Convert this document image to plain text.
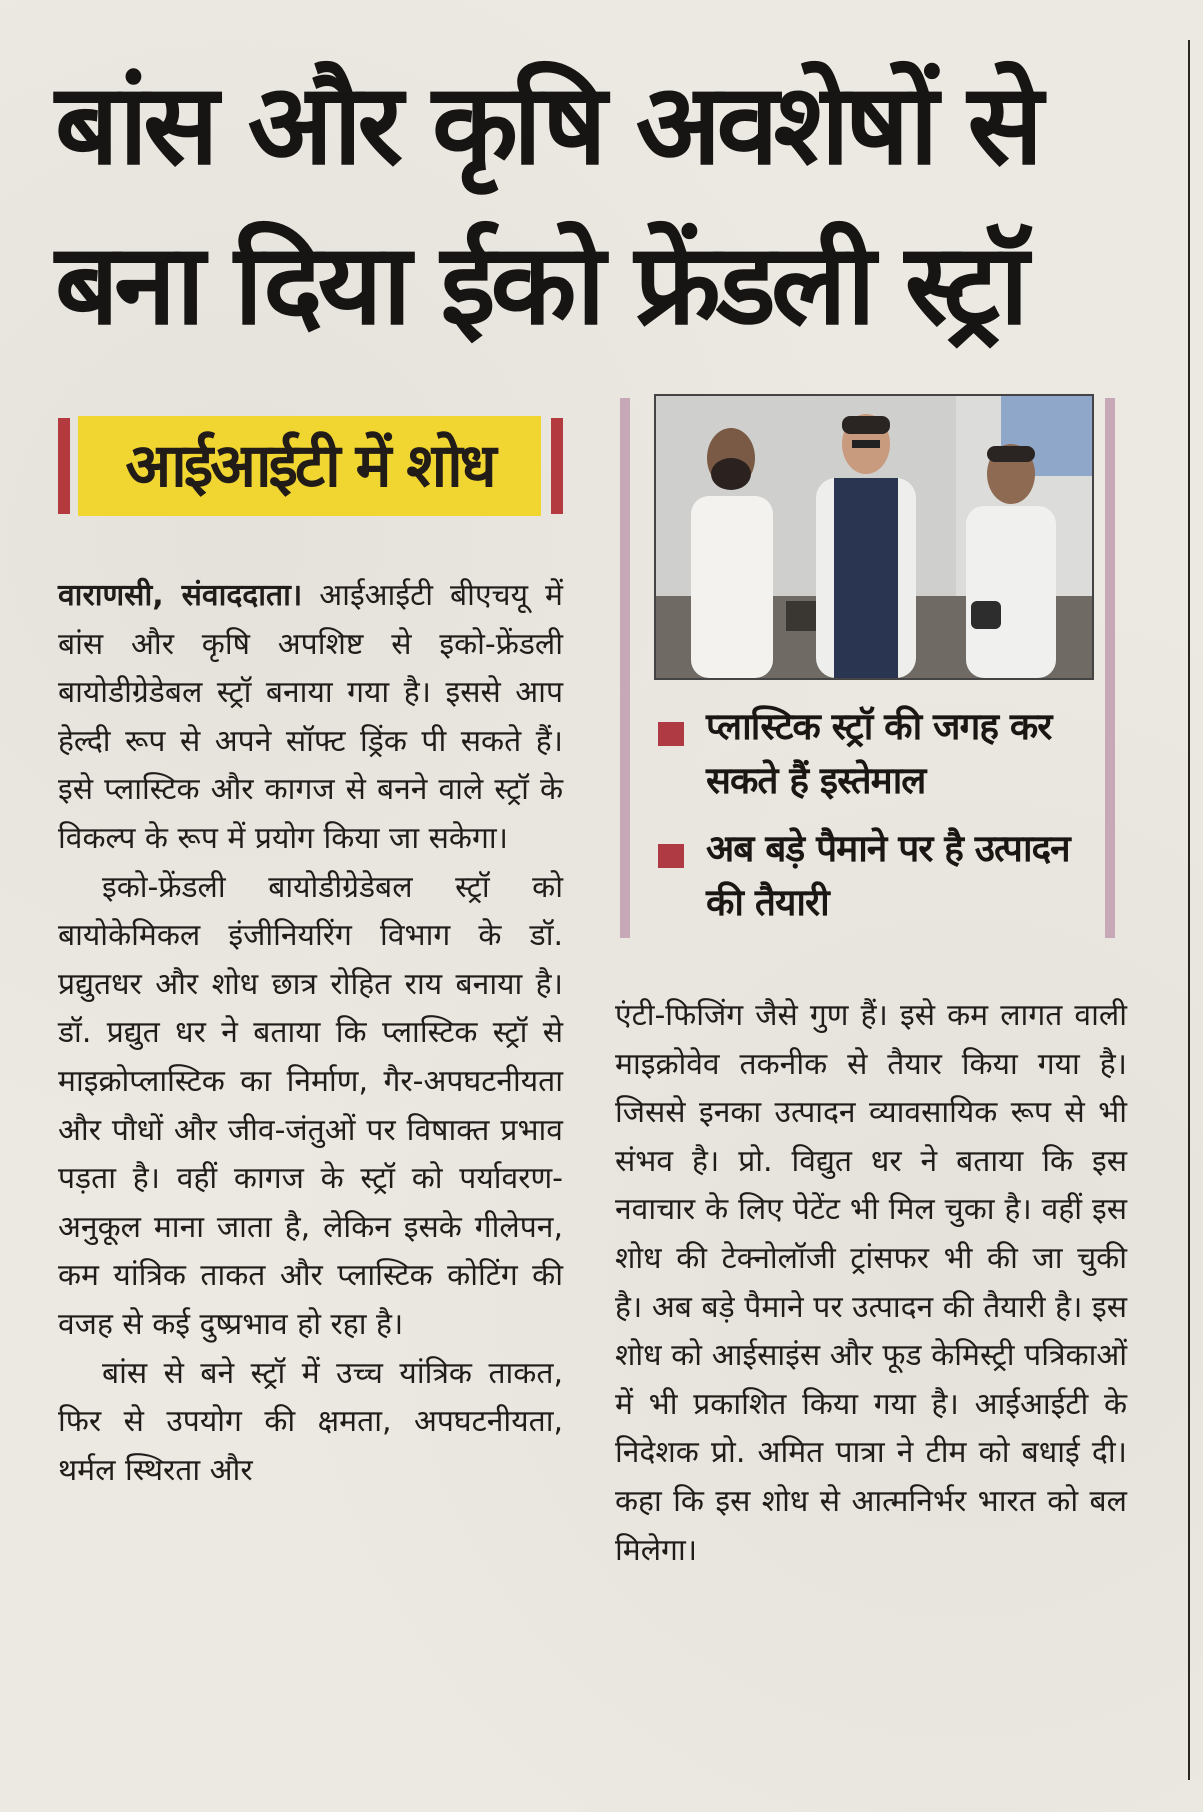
बांस और कृषि अवशेषों से
बना दिया ईको फ्रेंडली स्ट्रॉ
आईआईटी में शोध
प्लास्टिक स्ट्रॉ की जगह कर सकते हैं इस्तेमाल
अब बड़े पैमाने पर है उत्पादन की तैयारी

वाराणसी, संवाददाता। आईआईटी बीएचयू में बांस और कृषि अपशिष्ट से इको-फ्रेंडली बायोडीग्रेडेबल स्ट्रॉ बनाया गया है। इससे आप हेल्दी रूप से अपने सॉफ्ट ड्रिंक पी सकते हैं। इसे प्लास्टिक और कागज से बनने वाले स्ट्रॉ के विकल्प के रूप में प्रयोग किया जा सकेगा।

इको-फ्रेंडली बायोडीग्रेडेबल स्ट्रॉ को बायोकेमिकल इंजीनियरिंग विभाग के डॉ. प्रद्युतधर और शोध छात्र रोहित राय बनाया है। डॉ. प्रद्युत धर ने बताया कि प्लास्टिक स्ट्रॉ से माइक्रोप्लास्टिक का निर्माण, गैर-अपघटनीयता और पौधों और जीव-जंतुओं पर विषाक्त प्रभाव पड़ता है। वहीं कागज के स्ट्रॉ को पर्यावरण-अनुकूल माना जाता है, लेकिन इसके गीलेपन, कम यांत्रिक ताकत और प्लास्टिक कोटिंग की वजह से कई दुष्प्रभाव हो रहा है।

बांस से बने स्ट्रॉ में उच्च यांत्रिक ताकत, फिर से उपयोग की क्षमता, अपघटनीयता, थर्मल स्थिरता और

एंटी-फिजिंग जैसे गुण हैं। इसे कम लागत वाली माइक्रोवेव तकनीक से तैयार किया गया है। जिससे इनका उत्पादन व्यावसायिक रूप से भी संभव है। प्रो. विद्युत धर ने बताया कि इस नवाचार के लिए पेटेंट भी मिल चुका है। वहीं इस शोध की टेक्नोलॉजी ट्रांसफर भी की जा चुकी है। अब बड़े पैमाने पर उत्पादन की तैयारी है। इस शोध को आईसाइंस और फूड केमिस्ट्री पत्रिकाओं में भी प्रकाशित किया गया है। आईआईटी के निदेशक प्रो. अमित पात्रा ने टीम को बधाई दी। कहा कि इस शोध से आत्मनिर्भर भारत को बल मिलेगा।
